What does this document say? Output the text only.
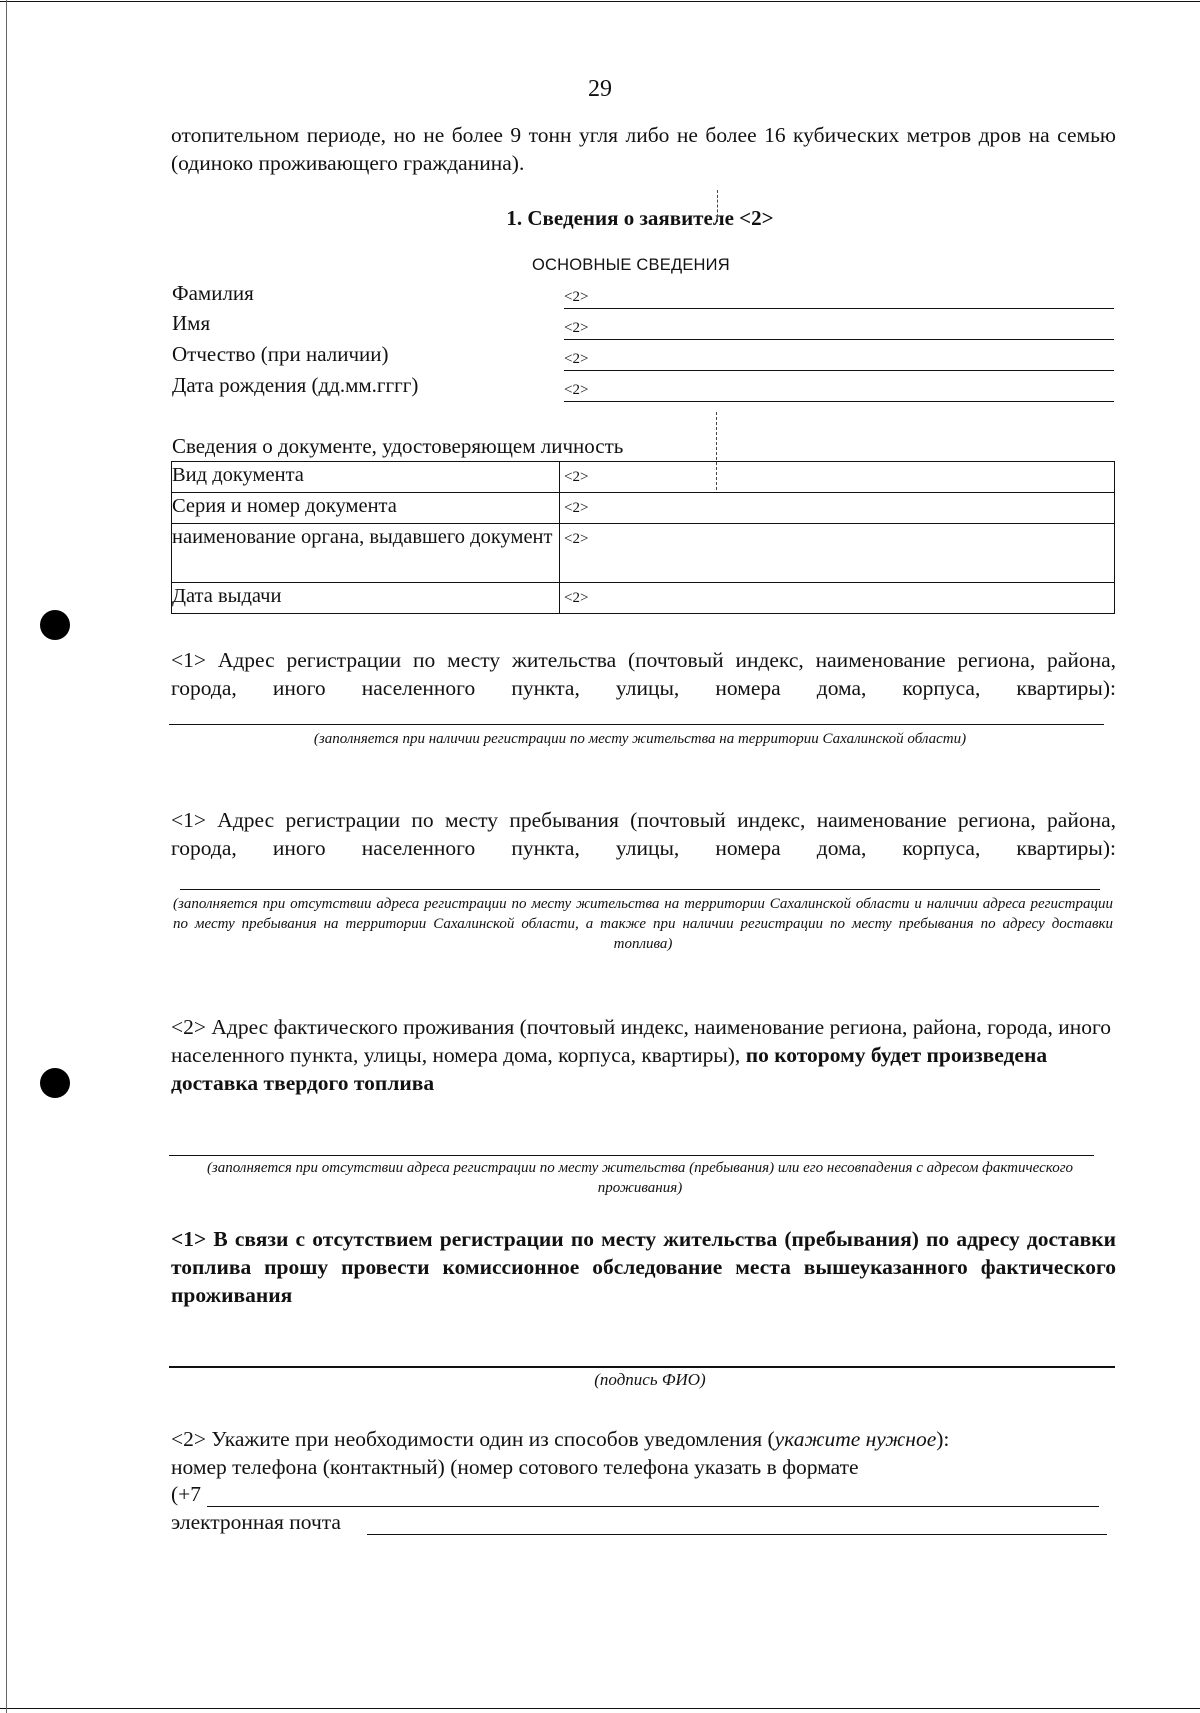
29
отопительном периоде, но не более 9 тонн угля либо не более 16 кубических метров дров на семью (одиноко проживающего гражданина).
1. Сведения о заявителе <2>
ОСНОВНЫЕ СВЕДЕНИЯ
Фамилия	<2>
Имя	<2>
Отчество (при наличии)	<2>
Дата рождения (дд.мм.гггг)	<2>
Сведения о документе, удостоверяющем личность
Вид документа	<2>
Серия и номер документа	<2>
наименование органа, выдавшего документ	<2>
Дата выдачи	<2>
<1> Адрес регистрации по месту жительства (почтовый индекс, наименование региона, района, города, иного населенного пункта, улицы, номера дома, корпуса, квартиры):
(заполняется при наличии регистрации по месту жительства на территории Сахалинской области)
<1> Адрес регистрации по месту пребывания (почтовый индекс, наименование региона, района, города, иного населенного пункта, улицы, номера дома, корпуса, квартиры):
(заполняется при отсутствии адреса регистрации по месту жительства на территории Сахалинской области и наличии адреса регистрации по месту пребывания на территории Сахалинской области, а также при наличии регистрации по месту пребывания по адресу доставки топлива)
<2> Адрес фактического проживания (почтовый индекс, наименование региона, района, города, иного населенного пункта, улицы, номера дома, корпуса, квартиры), по которому будет произведена доставка твердого топлива
(заполняется при отсутствии адреса регистрации по месту жительства (пребывания) или его несовпадения с адресом фактического проживания)
<1> В связи с отсутствием регистрации по месту жительства (пребывания) по адресу доставки топлива прошу провести комиссионное обследование места вышеуказанного фактического проживания
(подпись ФИО)
<2> Укажите при необходимости один из способов уведомления (укажите нужное):
номер телефона (контактный) (номер сотового телефона указать в формате
(+7
электронная почта
